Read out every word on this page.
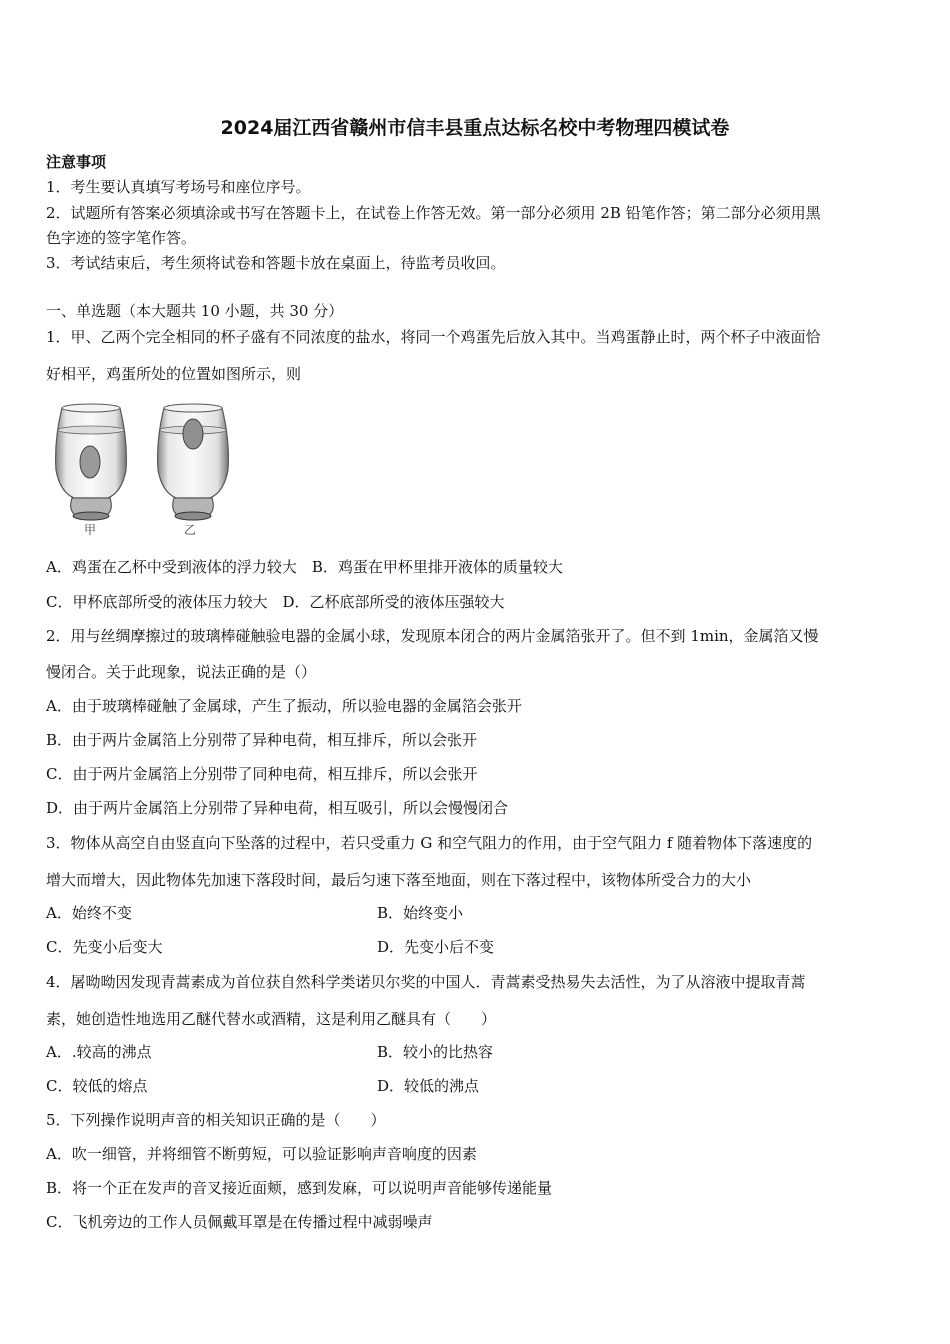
2024届江西省赣州市信丰县重点达标名校中考物理四模试卷
注意事项
1．考生要认真填写考场号和座位序号。
2．试题所有答案必须填涂或书写在答题卡上，在试卷上作答无效。第一部分必须用 2B 铅笔作答；第二部分必须用黑
色字迹的签字笔作答。
3．考试结束后，考生须将试卷和答题卡放在桌面上，待监考员收回。
一、单选题（本大题共 10 小题，共 30 分）
1．甲、乙两个完全相同的杯子盛有不同浓度的盐水，将同一个鸡蛋先后放入其中。当鸡蛋静止时，两个杯子中液面恰
好相平，鸡蛋所处的位置如图所示，则
甲	乙
A．鸡蛋在乙杯中受到液体的浮力较大　B．鸡蛋在甲杯里排开液体的质量较大
C．甲杯底部所受的液体压力较大　D．乙杯底部所受的液体压强较大
2．用与丝绸摩擦过的玻璃棒碰触验电器的金属小球，发现原本闭合的两片金属箔张开了。但不到 1min，金属箔又慢
慢闭合。关于此现象，说法正确的是（）
A．由于玻璃棒碰触了金属球，产生了振动，所以验电器的金属箔会张开
B．由于两片金属箔上分别带了异种电荷，相互排斥，所以会张开
C．由于两片金属箔上分别带了同种电荷，相互排斥，所以会张开
D．由于两片金属箔上分别带了异种电荷，相互吸引，所以会慢慢闭合
3．物体从高空自由竖直向下坠落的过程中，若只受重力 G 和空气阻力的作用，由于空气阻力 f 随着物体下落速度的
增大而增大，因此物体先加速下落段时间，最后匀速下落至地面，则在下落过程中，该物体所受合力的大小
A．始终不变	B．始终变小
C．先变小后变大	D．先变小后不变
4．屠呦呦因发现青蒿素成为首位获自然科学类诺贝尔奖的中国人．青蒿素受热易失去活性，为了从溶液中提取青蒿
素，她创造性地选用乙醚代替水或酒精，这是利用乙醚具有（　　）
A．.较高的沸点	B．较小的比热容
C．较低的熔点	D．较低的沸点
5．下列操作说明声音的相关知识正确的是（　　）
A．吹一细管，并将细管不断剪短，可以验证影响声音响度的因素
B．将一个正在发声的音叉接近面颊，感到发麻，可以说明声音能够传递能量
C．飞机旁边的工作人员佩戴耳罩是在传播过程中减弱噪声
